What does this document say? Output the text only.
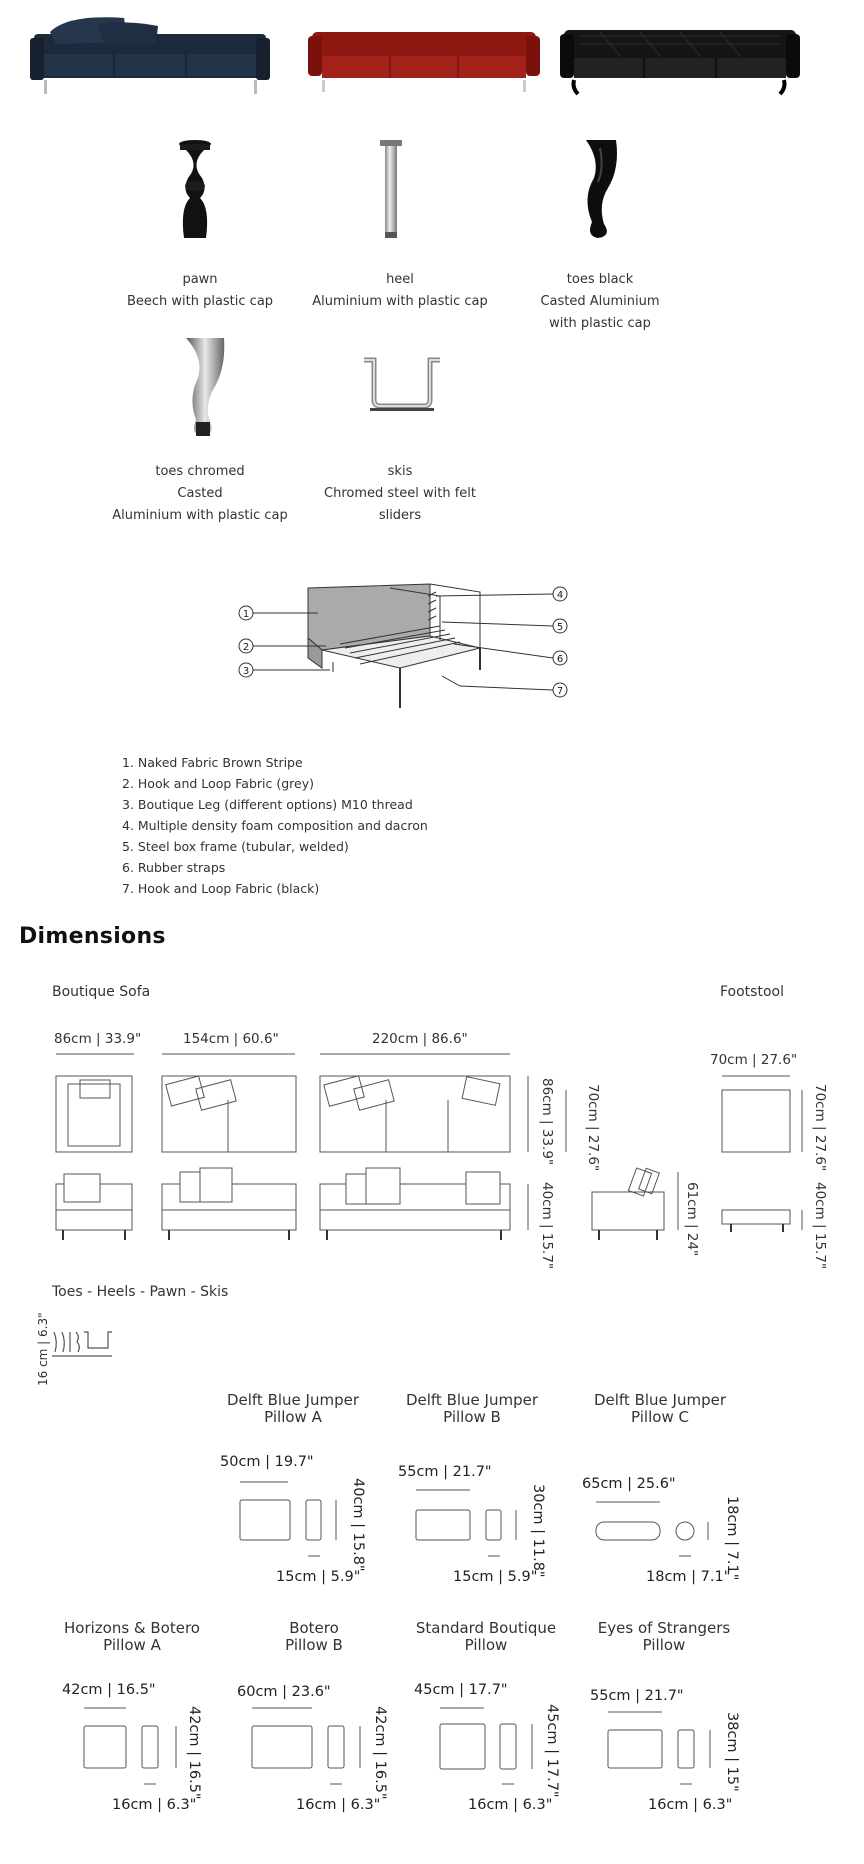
pawn
Beech with plastic cap
heel
Aluminium with plastic cap
toes black
Casted Aluminium
with plastic cap
toes chromed
Casted
Aluminium with plastic cap
skis
Chromed steel with felt
sliders
1
2
3
4
5
6
7
1. Naked Fabric Brown Stripe
2. Hook and Loop Fabric (grey)
3. Boutique Leg (different options) M10 thread
4. Multiple density foam composition and dacron
5. Steel box frame (tubular, welded)
6. Rubber straps
7. Hook and Loop Fabric (black)
Dimensions
Boutique Sofa	Footstool
86cm | 33.9"	154cm | 60.6"	220cm | 86.6"
70cm | 27.6"
86cm | 33.9" 70cm | 27.6"	70cm | 27.6"
40cm | 15.7"	61cm | 24"	40cm | 15.7"
Toes - Heels - Pawn - Skis
16 cm | 6.3"
Delft Blue Jumper
Pillow A
Delft Blue Jumper
Pillow B
Delft Blue Jumper
Pillow C
50cm | 19.7"
55cm | 21.7"
65cm | 25.6"
40cm | 15.8"	30cm | 11.8"	18cm | 7.1"
15cm | 5.9"	15cm | 5.9"	18cm | 7.1"
Horizons & Botero
Pillow A
Botero
Pillow B
Standard Boutique
Pillow
Eyes of Strangers
Pillow
42cm | 16.5"	60cm | 23.6"	45cm | 17.7"	55cm | 21.7"
42cm | 16.5"	42cm | 16.5"	45cm | 17.7"	38cm | 15"
16cm | 6.3"	16cm | 6.3"	16cm | 6.3"	16cm | 6.3"
